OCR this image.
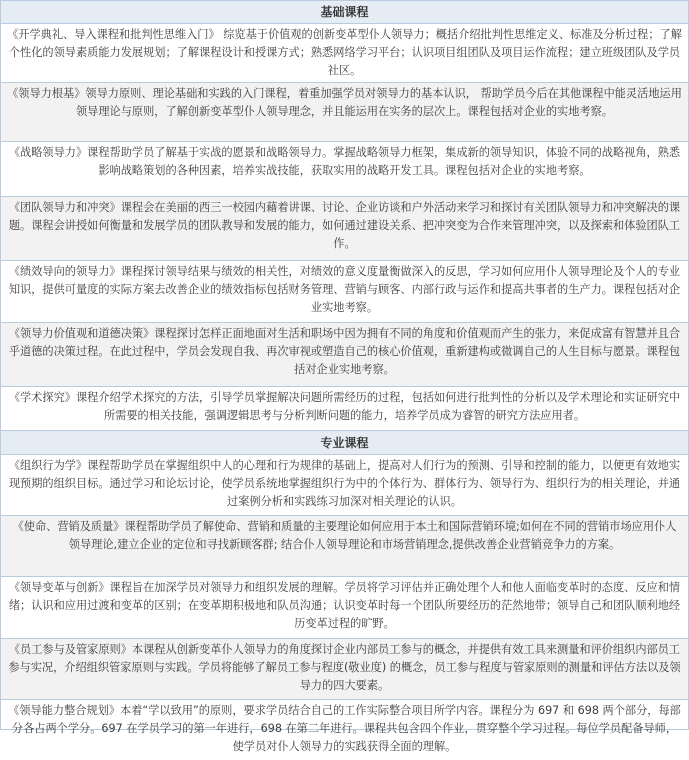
基础课程
《开学典礼、导入课程和批判性思维入门》 综览基于价值观的创新变革型仆人领导力；概括介绍批判性思维定义、标准及分析过程；了解个性化的领导素质能力发展规划；了解课程设计和授课方式；熟悉网络学习平台；认识项目组团队及项目运作流程；建立班级团队及学员社区。
《领导力根基》领导力原则、理论基础和实践的入门课程，着重加强学员对领导力的基本认识， 帮助学员今后在其他课程中能灵活地运用领导理论与原则，了解创新变革型仆人领导理念，并且能运用在实务的层次上。课程包括对企业的实地考察。
《战略领导力》课程帮助学员了解基于实战的愿景和战略领导力。掌握战略领导力框架，集成新的领导知识，体验不同的战略视角，熟悉影响战略策划的各种因素，培养实战技能，获取实用的战略开发工具。课程包括对企业的实地考察。
《团队领导力和冲突》课程会在美丽的西三一校园内藉着讲课、讨论、企业访谈和户外活动来学习和探讨有关团队领导力和冲突解决的课题。课程会讲授如何衡量和发展学员的团队教导和发展的能力，如何通过建设关系、把冲突变为合作来管理冲突，以及探索和体验团队工作。
《绩效导向的领导力》课程探讨领导结果与绩效的相关性，对绩效的意义度量衡做深入的反思，学习如何应用仆人领导理论及个人的专业知识，提供可量度的实际方案去改善企业的绩效指标包括财务管理、营销与顾客、内部行政与运作和提高共事者的生产力。课程包括对企业实地考察。
《领导力价值观和道德决策》课程探讨怎样正面地面对生活和职场中因为拥有不同的角度和价值观而产生的张力，来促成富有智慧并且合乎道德的决策过程。在此过程中，学员会发现自我、再次审视或塑造自己的核心价值观，重新建构或微调自己的人生目标与愿景。课程包括对企业实地考察。
《学术探究》课程介绍学术探究的方法，引导学员掌握解决问题所需经历的过程，包括如何进行批判性的分析以及学术理论和实证研究中所需要的相关技能，强调逻辑思考与分析判断问题的能力，培养学员成为睿智的研究方法应用者。
专业课程
《组织行为学》课程帮助学员在掌握组织中人的心理和行为规律的基础上，提高对人们行为的预测、引导和控制的能力，以便更有效地实现预期的组织目标。通过学习和论坛讨论，使学员系统地掌握组织行为中的个体行为、群体行为、领导行为、组织行为的相关理论，并通过案例分析和实践练习加深对相关理论的认识。
《使命、营销及质量》课程帮助学员了解使命、营销和质量的主要理论如何应用于本土和国际营销环境;如何在不同的营销市场应用仆人领导理论,建立企业的定位和寻找新顾客群; 结合仆人领导理论和市场营销理念,提供改善企业营销竞争力的方案。
《领导变革与创新》课程旨在加深学员对领导力和组织发展的理解。学员将学习评估并正确处理个人和他人面临变革时的态度、反应和情绪；认识和应用过渡和变革的区别；在变革期积极地和队员沟通；认识变革时每一个团队所要经历的茫然地带；领导自己和团队顺利地经历变革过程的旷野。
《员工参与及管家原则》本课程从创新变革仆人领导力的角度探讨企业内部员工参与的概念，并提供有效工具来测量和评价组织内部员工参与实况，介绍组织管家原则与实践。学员将能够了解员工参与程度(敬业度) 的概念，员工参与程度与管家原则的测量和评估方法以及领导力的四大要素。
《领导能力整合规划》本着“学以致用”的原则，要求学员结合自己的工作实际整合项目所学内容。课程分为 697 和 698 两个部分，每部分各占两个学分。697 在学员学习的第一年进行，698 在第二年进行。课程共包含四个作业，贯穿整个学习过程。每位学员配备导师，使学员对仆人领导力的实践获得全面的理解。
